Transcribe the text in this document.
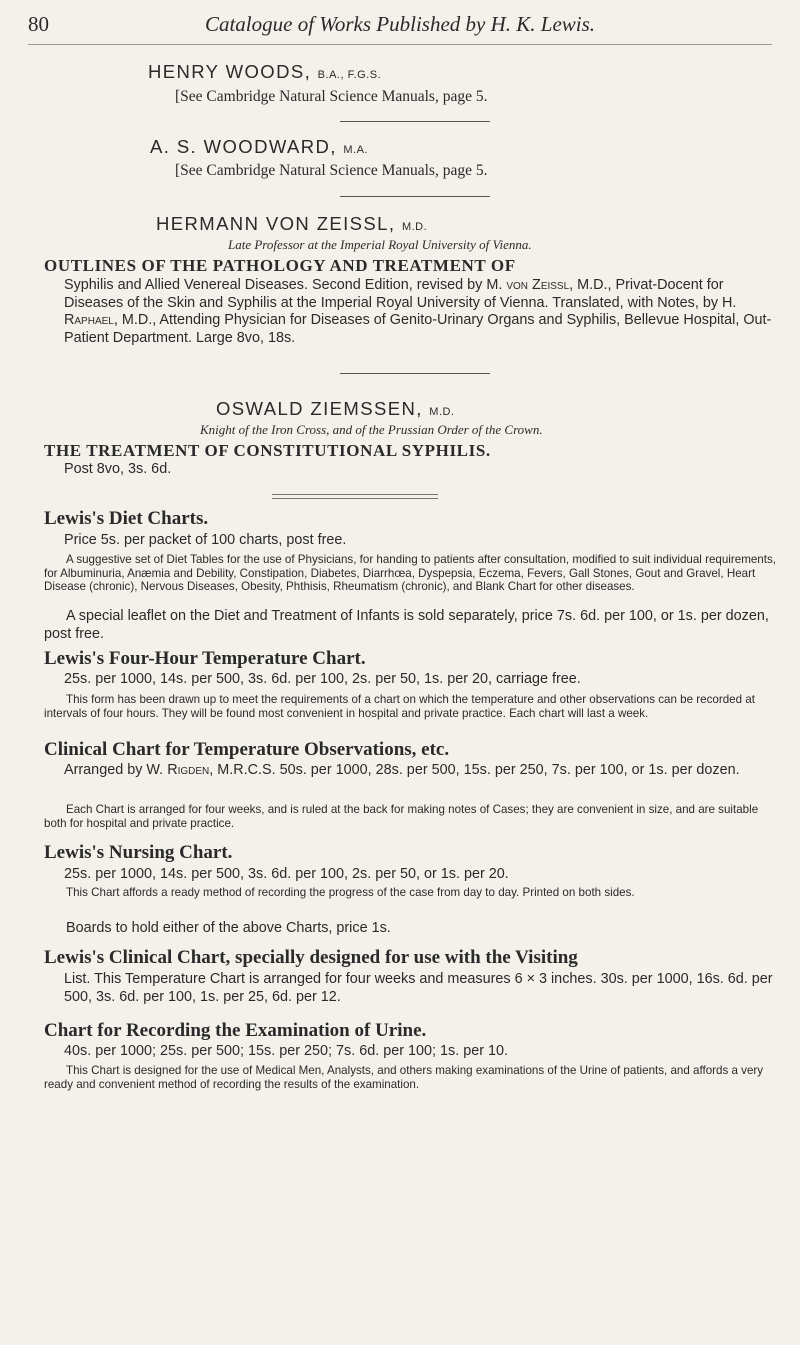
80	Catalogue of Works Published by H. K. Lewis.
HENRY WOODS, B.A., F.G.S.
[See Cambridge Natural Science Manuals, page 5.
A. S. WOODWARD, M.A.
[See Cambridge Natural Science Manuals, page 5.
HERMANN VON ZEISSL, M.D.
Late Professor at the Imperial Royal University of Vienna.
OUTLINES OF THE PATHOLOGY AND TREATMENT OF

Syphilis and Allied Venereal Diseases. Second Edition, revised by M. von Zeissl, M.D., Privat-Docent for Diseases of the Skin and Syphilis at the Imperial Royal University of Vienna. Translated, with Notes, by H. Raphael, M.D., Attending Physician for Diseases of Genito-Urinary Organs and Syphilis, Bellevue Hospital, Out-Patient Department. Large 8vo, 18s.

OSWALD ZIEMSSEN, M.D.
Knight of the Iron Cross, and of the Prussian Order of the Crown.
THE TREATMENT OF CONSTITUTIONAL SYPHILIS.

Post 8vo, 3s. 6d.

Lewis's Diet Charts.

Price 5s. per packet of 100 charts, post free.

A suggestive set of Diet Tables for the use of Physicians, for handing to patients after consultation, modified to suit individual requirements, for Albuminuria, Anæmia and Debility, Constipation, Diabetes, Diarrhœa, Dyspepsia, Eczema, Fevers, Gall Stones, Gout and Gravel, Heart Disease (chronic), Nervous Diseases, Obesity, Phthisis, Rheumatism (chronic), and Blank Chart for other diseases.

A special leaflet on the Diet and Treatment of Infants is sold separately, price 7s. 6d. per 100, or 1s. per dozen, post free.

Lewis's Four-Hour Temperature Chart.

25s. per 1000, 14s. per 500, 3s. 6d. per 100, 2s. per 50, 1s. per 20, carriage free.

This form has been drawn up to meet the requirements of a chart on which the temperature and other observations can be recorded at intervals of four hours. They will be found most convenient in hospital and private practice. Each chart will last a week.

Clinical Chart for Temperature Observations, etc.

Arranged by W. Rigden, M.R.C.S. 50s. per 1000, 28s. per 500, 15s. per 250, 7s. per 100, or 1s. per dozen.

Each Chart is arranged for four weeks, and is ruled at the back for making notes of Cases; they are convenient in size, and are suitable both for hospital and private practice.

Lewis's Nursing Chart.

25s. per 1000, 14s. per 500, 3s. 6d. per 100, 2s. per 50, or 1s. per 20.

This Chart affords a ready method of recording the progress of the case from day to day. Printed on both sides.

Boards to hold either of the above Charts, price 1s.

Lewis's Clinical Chart, specially designed for use with the Visiting

List. This Temperature Chart is arranged for four weeks and measures 6 × 3 inches. 30s. per 1000, 16s. 6d. per 500, 3s. 6d. per 100, 1s. per 25, 6d. per 12.

Chart for Recording the Examination of Urine.

40s. per 1000; 25s. per 500; 15s. per 250; 7s. 6d. per 100; 1s. per 10.

This Chart is designed for the use of Medical Men, Analysts, and others making examinations of the Urine of patients, and affords a very ready and convenient method of recording the results of the examination.
